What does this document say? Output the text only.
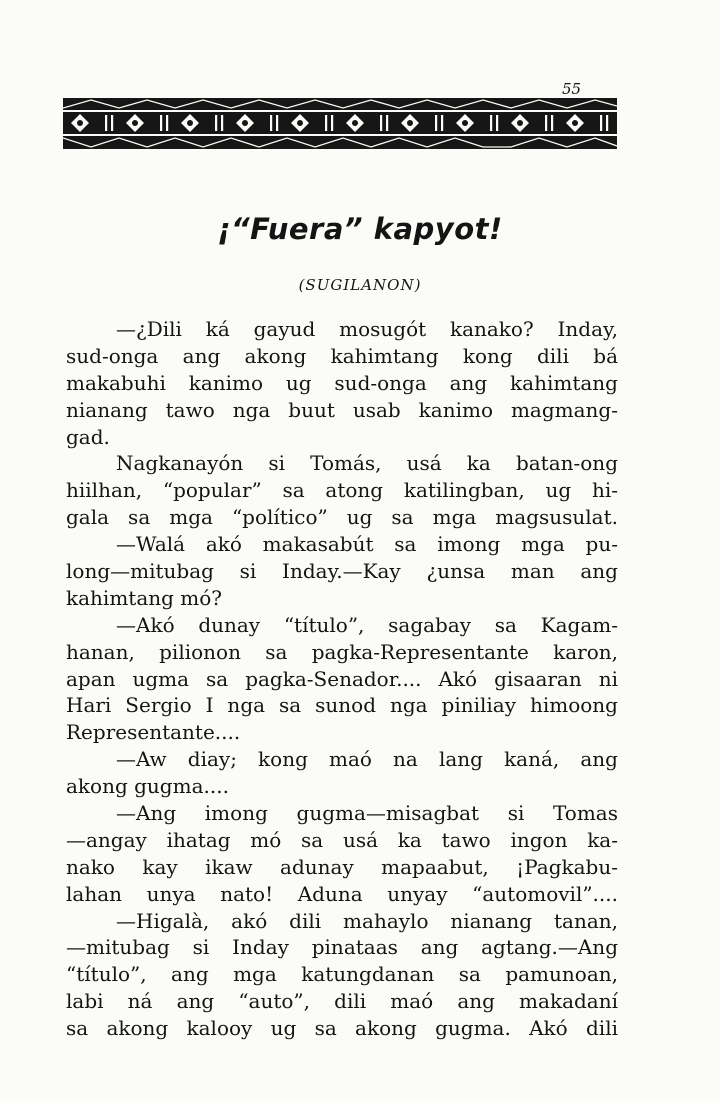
55
¡“Fuera” kapyot!
(SUGILANON)
—¿Dili ká gayud mosugót kanako? Inday,
sud-onga ang akong kahimtang kong dili bá
makabuhi kanimo ug sud-onga ang kahimtang
nianang tawo nga buut usab kanimo magmang-
gad.
Nagkanayón si Tomás, usá ka batan-ong
hiilhan, “popular” sa atong katilingban, ug hi-
gala sa mga “político” ug sa mga magsusulat.
—Walá akó makasabút sa imong mga pu-
long—mitubag si Inday.—Kay ¿unsa man ang
kahimtang mó?
—Akó dunay “título”, sagabay sa Kagam-
hanan, pilionon sa pagka-Representante karon,
apan ugma sa pagka-Senador.... Akó gisaaran ni
Hari Sergio I nga sa sunod nga piniliay himoong
Representante....
—Aw diay; kong maó na lang kaná, ang
akong gugma....
—Ang imong gugma—misagbat si Tomas
—angay ihatag mó sa usá ka tawo ingon ka-
nako kay ikaw adunay mapaabut, ¡Pagkabu-
lahan unya nato! Aduna unyay “automovil”....
—Higalà, akó dili mahaylo nianang tanan,
—mitubag si Inday pinataas ang agtang.—Ang
“título”, ang mga katungdanan sa pamunoan,
labi ná ang “auto”, dili maó ang makadaní
sa akong kalooy ug sa akong gugma. Akó dili
